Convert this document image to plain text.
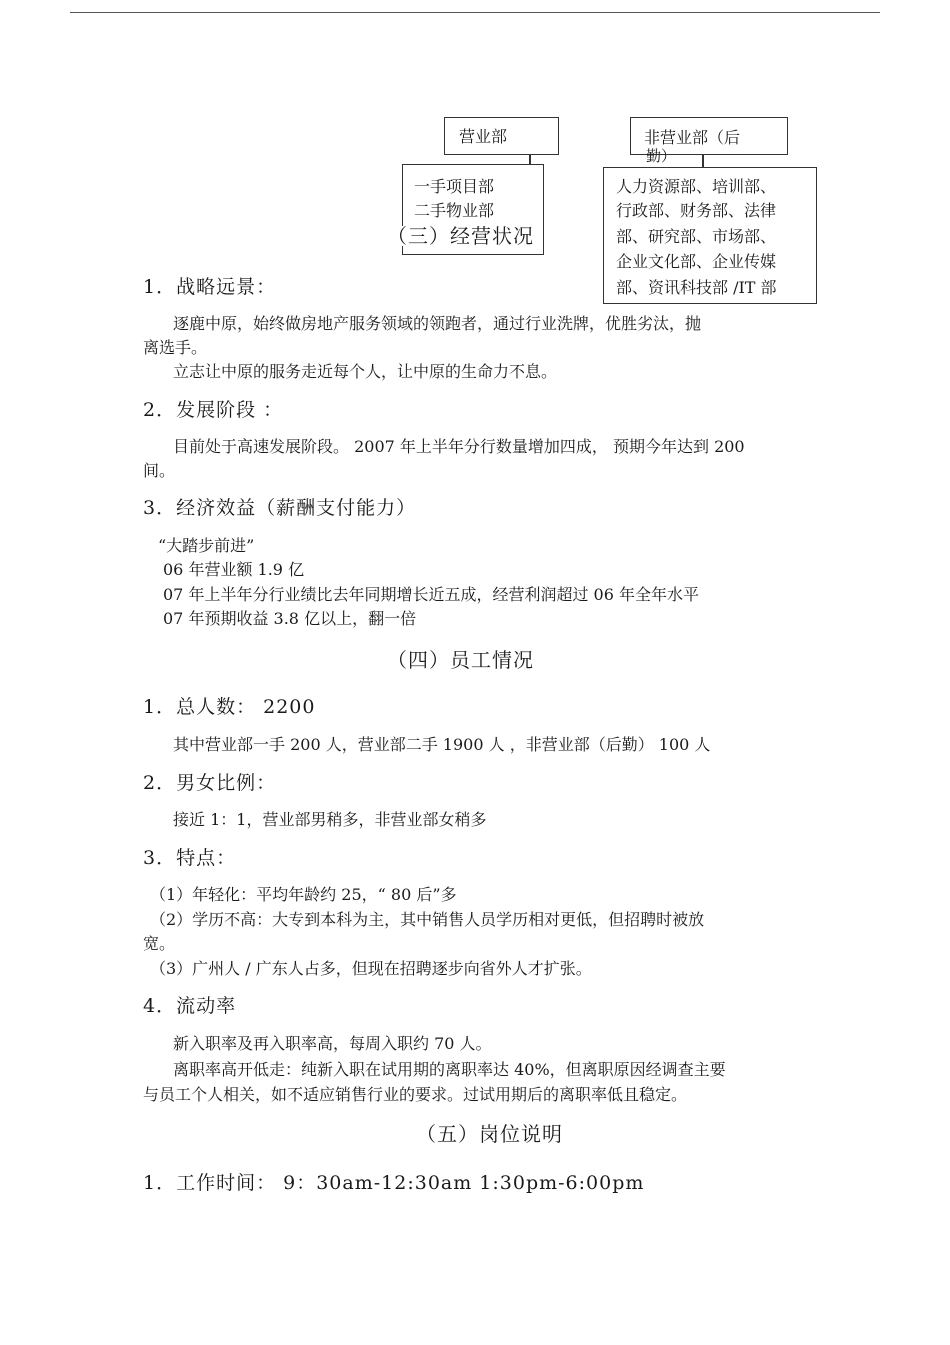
营业部
一手项目部
二手物业部
非营业部（后
勤）
人力资源部、培训部、
行政部、财务部、法律
部、研究部、市场部、
企业文化部、企业传媒
部、资讯科技部 /IT 部
（三）经营状况
1．战略远景：
逐鹿中原，始终做房地产服务领域的领跑者，通过行业洗牌，优胜劣汰，抛
离选手。
立志让中原的服务走近每个人，让中原的生命力不息。
2．发展阶段 ：
目前处于高速发展阶段。 2007 年上半年分行数量增加四成， 预期今年达到 200
间。
3．经济效益（薪酬支付能力）
“大踏步前进”
06 年营业额 1.9 亿
07 年上半年分行业绩比去年同期增长近五成，经营利润超过 06 年全年水平
07 年预期收益 3.8 亿以上，翻一倍
（四）员工情况
1．总人数： 2200
其中营业部一手 200 人，营业部二手 1900 人 ，非营业部（后勤） 100 人
2．男女比例：
接近 1：1，营业部男稍多，非营业部女稍多
3．特点：
（1）年轻化：平均年龄约 25，“ 80 后”多
（2）学历不高：大专到本科为主，其中销售人员学历相对更低，但招聘时被放
宽。
（3）广州人 / 广东人占多，但现在招聘逐步向省外人才扩张。
4．流动率
新入职率及再入职率高，每周入职约 70 人。
离职率高开低走：纯新入职在试用期的离职率达 40%，但离职原因经调查主要
与员工个人相关，如不适应销售行业的要求。过试用期后的离职率低且稳定。
（五）岗位说明
1．工作时间： 9：30am-12:30am 1:30pm-6:00pm
